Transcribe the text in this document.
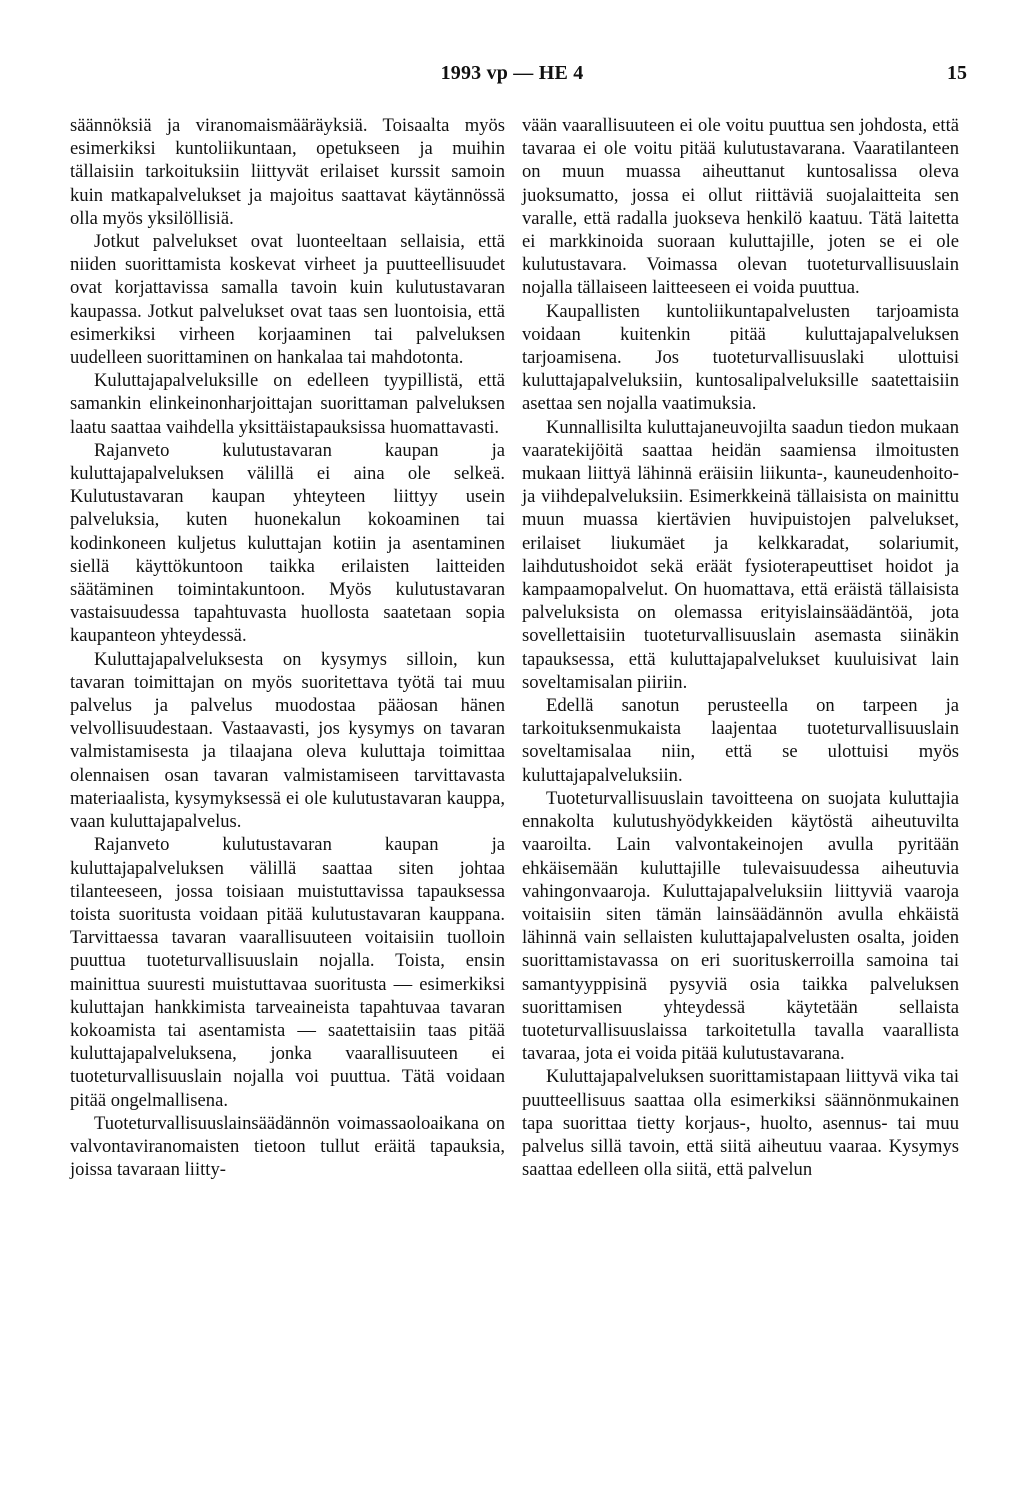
1993 vp — HE 4	15

säännöksiä ja viranomaismääräyksiä. Toisaalta myös esimerkiksi kuntoliikuntaan, opetukseen ja muihin tällaisiin tarkoituksiin liittyvät erilaiset kurssit samoin kuin matkapalvelukset ja majoitus saattavat käytännössä olla myös yksilöllisiä.

Jotkut palvelukset ovat luonteeltaan sellaisia, että niiden suorittamista koskevat virheet ja puutteellisuudet ovat korjattavissa samalla tavoin kuin kulutustavaran kaupassa. Jotkut palvelukset ovat taas sen luontoisia, että esimerkiksi virheen korjaaminen tai palveluksen uudelleen suorittaminen on hankalaa tai mahdotonta.

Kuluttajapalveluksille on edelleen tyypillistä, että samankin elinkeinonharjoittajan suorittaman palveluksen laatu saattaa vaihdella yksittäistapauksissa huomattavasti.

Rajanveto kulutustavaran kaupan ja kuluttajapalveluksen välillä ei aina ole selkeä. Kulutustavaran kaupan yhteyteen liittyy usein palveluksia, kuten huonekalun kokoaminen tai kodinkoneen kuljetus kuluttajan kotiin ja asentaminen siellä käyttökuntoon taikka erilaisten laitteiden säätäminen toimintakuntoon. Myös kulutustavaran vastaisuudessa tapahtuvasta huollosta saatetaan sopia kaupanteon yhteydessä.

Kuluttajapalveluksesta on kysymys silloin, kun tavaran toimittajan on myös suoritettava työtä tai muu palvelus ja palvelus muodostaa pääosan hänen velvollisuudestaan. Vastaavasti, jos kysymys on tavaran valmistamisesta ja tilaajana oleva kuluttaja toimittaa olennaisen osan tavaran valmistamiseen tarvittavasta materiaalista, kysymyksessä ei ole kulutustavaran kauppa, vaan kuluttajapalvelus.

Rajanveto kulutustavaran kaupan ja kuluttajapalveluksen välillä saattaa siten johtaa tilanteeseen, jossa toisiaan muistuttavissa tapauksessa toista suoritusta voidaan pitää kulutustavaran kauppana. Tarvittaessa tavaran vaarallisuuteen voitaisiin tuolloin puuttua tuoteturvallisuuslain nojalla. Toista, ensin mainittua suuresti muistuttavaa suoritusta — esimerkiksi kuluttajan hankkimista tarveaineista tapahtuvaa tavaran kokoamista tai asentamista — saatettaisiin taas pitää kuluttajapalveluksena, jonka vaarallisuuteen ei tuoteturvallisuuslain nojalla voi puuttua. Tätä voidaan pitää ongelmallisena.

Tuoteturvallisuuslainsäädännön voimassaoloaikana on valvontaviranomaisten tietoon tullut eräitä tapauksia, joissa tavaraan liitty-

vään vaarallisuuteen ei ole voitu puuttua sen johdosta, että tavaraa ei ole voitu pitää kulutustavarana. Vaaratilanteen on muun muassa aiheuttanut kuntosalissa oleva juoksumatto, jossa ei ollut riittäviä suojalaitteita sen varalle, että radalla juokseva henkilö kaatuu. Tätä laitetta ei markkinoida suoraan kuluttajille, joten se ei ole kulutustavara. Voimassa olevan tuoteturvallisuuslain nojalla tällaiseen laitteeseen ei voida puuttua.

Kaupallisten kuntoliikuntapalvelusten tarjoamista voidaan kuitenkin pitää kuluttajapalveluksen tarjoamisena. Jos tuoteturvallisuuslaki ulottuisi kuluttajapalveluksiin, kuntosalipalveluksille saatettaisiin asettaa sen nojalla vaatimuksia.

Kunnallisilta kuluttajaneuvojilta saadun tiedon mukaan vaaratekijöitä saattaa heidän saamiensa ilmoitusten mukaan liittyä lähinnä eräisiin liikunta-, kauneudenhoito- ja viihdepalveluksiin. Esimerkkeinä tällaisista on mainittu muun muassa kiertävien huvipuistojen palvelukset, erilaiset liukumäet ja kelkkaradat, solariumit, laihdutushoidot sekä eräät fysioterapeuttiset hoidot ja kampaamopalvelut. On huomattava, että eräistä tällaisista palveluksista on olemassa erityislainsäädäntöä, jota sovellettaisiin tuoteturvallisuuslain asemasta siinäkin tapauksessa, että kuluttajapalvelukset kuuluisivat lain soveltamisalan piiriin.

Edellä sanotun perusteella on tarpeen ja tarkoituksenmukaista laajentaa tuoteturvallisuuslain soveltamisalaa niin, että se ulottuisi myös kuluttajapalveluksiin.

Tuoteturvallisuuslain tavoitteena on suojata kuluttajia ennakolta kulutushyödykkeiden käytöstä aiheutuvilta vaaroilta. Lain valvontakeinojen avulla pyritään ehkäisemään kuluttajille tulevaisuudessa aiheutuvia vahingonvaaroja. Kuluttajapalveluksiin liittyviä vaaroja voitaisiin siten tämän lainsäädännön avulla ehkäistä lähinnä vain sellaisten kuluttajapalvelusten osalta, joiden suorittamistavassa on eri suorituskerroilla samoina tai samantyyppisinä pysyviä osia taikka palveluksen suorittamisen yhteydessä käytetään sellaista tuoteturvallisuuslaissa tarkoitetulla tavalla vaarallista tavaraa, jota ei voida pitää kulutustavarana.

Kuluttajapalveluksen suorittamistapaan liittyvä vika tai puutteellisuus saattaa olla esimerkiksi säännönmukainen tapa suorittaa tietty korjaus-, huolto, asennus- tai muu palvelus sillä tavoin, että siitä aiheutuu vaaraa. Kysymys saattaa edelleen olla siitä, että palvelun
